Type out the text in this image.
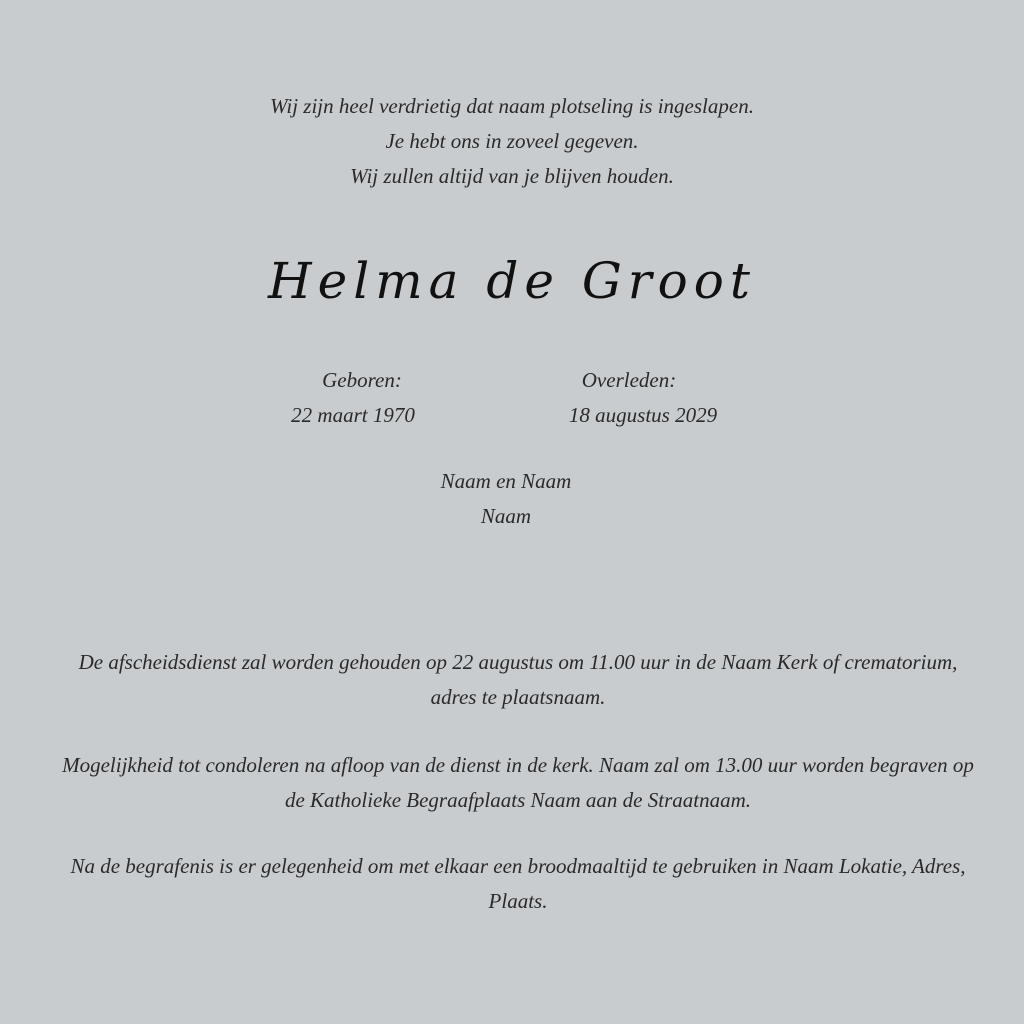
Wij zijn heel verdrietig dat naam plotseling is ingeslapen.
Je hebt ons in zoveel gegeven.
Wij zullen altijd van je blijven houden.
Helma de Groot
Geboren:
22 maart 1970
Overleden:
18 augustus 2029
Naam en Naam
Naam
De afscheidsdienst zal worden gehouden op 22 augustus om 11.00 uur in de Naam Kerk of crematorium, adres te plaatsnaam.
Mogelijkheid tot condoleren na afloop van de dienst in de kerk. Naam zal om 13.00 uur worden begraven op de Katholieke Begraafplaats Naam aan de Straatnaam.
Na de begrafenis is er gelegenheid om met elkaar een broodmaaltijd te gebruiken in Naam Lokatie, Adres, Plaats.
